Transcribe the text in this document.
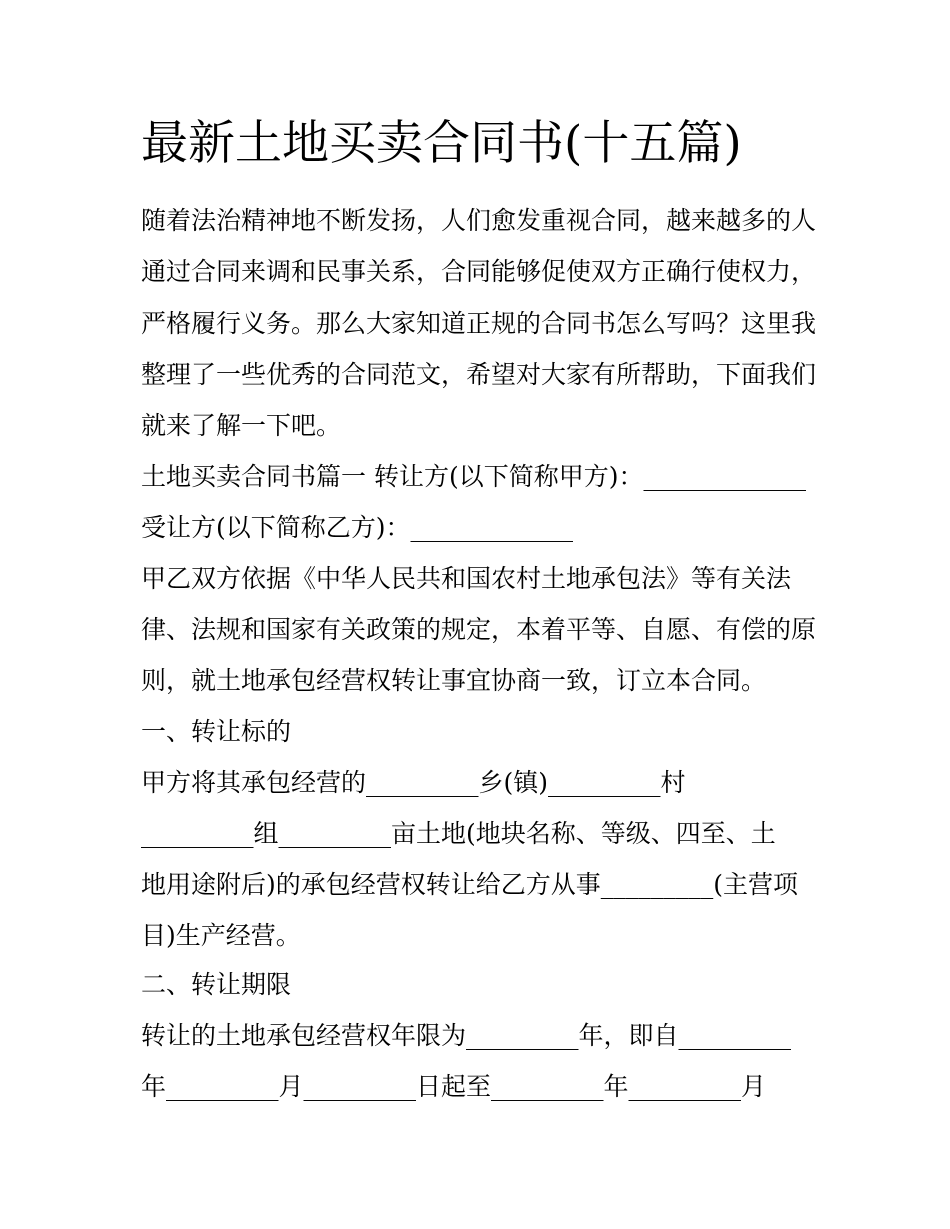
最新土地买卖合同书(十五篇)
随着法治精神地不断发扬，人们愈发重视合同，越来越多的人
通过合同来调和民事关系，合同能够促使双方正确行使权力，
严格履行义务。那么大家知道正规的合同书怎么写吗？这里我
整理了一些优秀的合同范文，希望对大家有所帮助，下面我们
就来了解一下吧。
土地买卖合同书篇一 转让方(以下简称甲方)：_____________
受让方(以下简称乙方)：_____________
甲乙双方依据《中华人民共和国农村土地承包法》等有关法
律、法规和国家有关政策的规定，本着平等、自愿、有偿的原
则，就土地承包经营权转让事宜协商一致，订立本合同。
一、转让标的
甲方将其承包经营的_________乡(镇)_________村
_________组_________亩土地(地块名称、等级、四至、土
地用途附后)的承包经营权转让给乙方从事_________(主营项
目)生产经营。
二、转让期限
转让的土地承包经营权年限为_________年，即自_________
年_________月_________日起至_________年_________月
